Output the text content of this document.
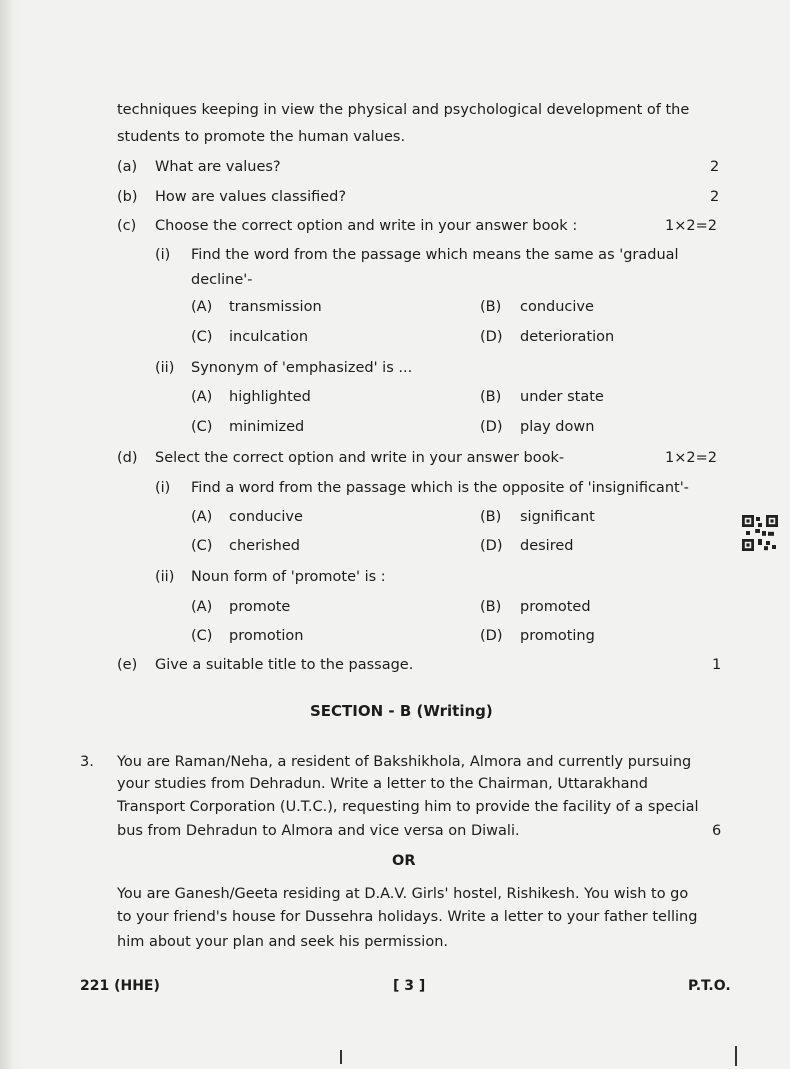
techniques keeping in view the physical and psychological development of the
students to promote the human values.
(a) What are values?	2
(b) How are values classified?	2
(c) Choose the correct option and write in your answer book :	1×2=2
(i) Find the word from the passage which means the same as 'gradual
decline'-
(A) transmission	(B) conducive
(C) inculcation	(D) deterioration
(ii) Synonym of 'emphasized' is ...
(A) highlighted	(B) under state
(C) minimized	(D) play down
(d) Select the correct option and write in your answer book-	1×2=2
(i) Find a word from the passage which is the opposite of 'insignificant'-
(A) conducive	(B) significant
(C) cherished	(D) desired
(ii) Noun form of 'promote' is :
(A) promote	(B) promoted
(C) promotion	(D) promoting
(e) Give a suitable title to the passage.	1
SECTION - B (Writing)
3. You are Raman/Neha, a resident of Bakshikhola, Almora and currently pursuing
your studies from Dehradun. Write a letter to the Chairman, Uttarakhand
Transport Corporation (U.T.C.), requesting him to provide the facility of a special
bus from Dehradun to Almora and vice versa on Diwali.	6
OR
You are Ganesh/Geeta residing at D.A.V. Girls' hostel, Rishikesh. You wish to go
to your friend's house for Dussehra holidays. Write a letter to your father telling
him about your plan and seek his permission.
221 (HHE)	[ 3 ]	P.T.O.
